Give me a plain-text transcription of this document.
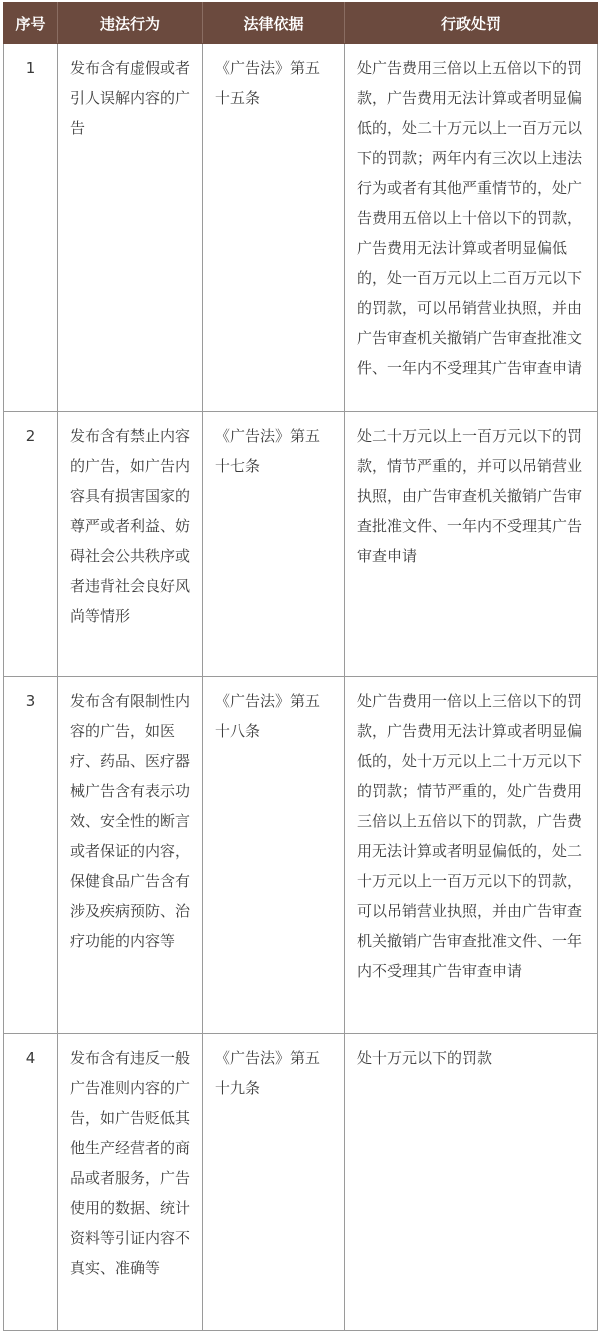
序号	违法行为	法律依据	行政处罚
1	发布含有虚假或者引人误解内容的广告	《广告法》第五十五条	处广告费用三倍以上五倍以下的罚款，广告费用无法计算或者明显偏低的，处二十万元以上一百万元以下的罚款；两年内有三次以上违法行为或者有其他严重情节的，处广告费用五倍以上十倍以下的罚款，广告费用无法计算或者明显偏低的，处一百万元以上二百万元以下的罚款，可以吊销营业执照，并由广告审查机关撤销广告审查批准文件、一年内不受理其广告审查申请
2	发布含有禁止内容的广告，如广告内容具有损害国家的尊严或者利益、妨碍社会公共秩序或者违背社会良好风尚等情形	《广告法》第五十七条	处二十万元以上一百万元以下的罚款，情节严重的，并可以吊销营业执照，由广告审查机关撤销广告审查批准文件、一年内不受理其广告审查申请
3	发布含有限制性内容的广告，如医疗、药品、医疗器械广告含有表示功效、安全性的断言或者保证的内容，保健食品广告含有涉及疾病预防、治疗功能的内容等	《广告法》第五十八条	处广告费用一倍以上三倍以下的罚款，广告费用无法计算或者明显偏低的，处十万元以上二十万元以下的罚款；情节严重的，处广告费用三倍以上五倍以下的罚款，广告费用无法计算或者明显偏低的，处二十万元以上一百万元以下的罚款，可以吊销营业执照，并由广告审查机关撤销广告审查批准文件、一年内不受理其广告审查申请
4	发布含有违反一般广告准则内容的广告，如广告贬低其他生产经营者的商品或者服务，广告使用的数据、统计资料等引证内容不真实、准确等	《广告法》第五十九条	处十万元以下的罚款
